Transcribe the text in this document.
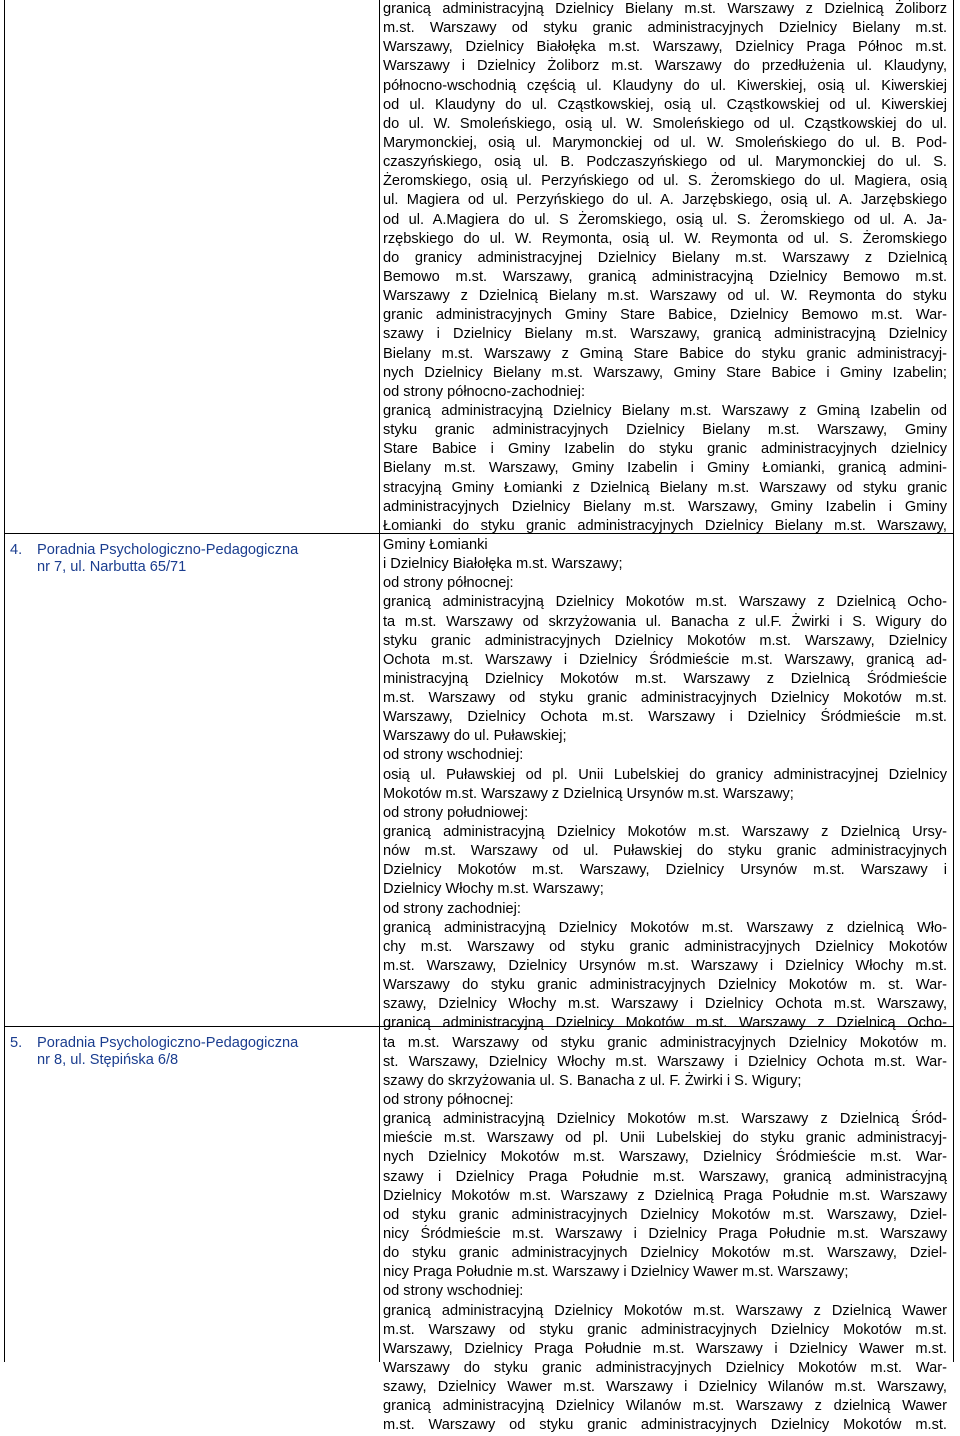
4. Poradnia Psychologiczno-Pedagogiczna
nr 7, ul. Narbutta 65/71
5. Poradnia Psychologiczno-Pedagogiczna
nr 8, ul. Stępińska 6/8
granicą administracyjną Dzielnicy Bielany m.st. Warszawy z Dzielnicą Żoliborz
m.st. Warszawy od styku granic administracyjnych Dzielnicy Bielany m.st.
Warszawy, Dzielnicy Białołęka m.st. Warszawy, Dzielnicy Praga Północ m.st.
Warszawy i Dzielnicy Żoliborz m.st. Warszawy do przedłużenia ul. Klaudyny,
północno-wschodnią częścią ul. Klaudyny do ul. Kiwerskiej, osią ul. Kiwerskiej
od ul. Klaudyny do ul. Cząstkowskiej, osią ul. Cząstkowskiej od ul. Kiwerskiej
do ul. W. Smoleńskiego, osią ul. W. Smoleńskiego od ul. Cząstkowskiej do ul.
Marymonckiej, osią ul. Marymonckiej od ul. W. Smoleńskiego do ul. B. Pod-
czaszyńskiego, osią ul. B. Podczaszyńskiego od ul. Marymonckiej do ul. S.
Żeromskiego, osią ul. Perzyńskiego od ul. S. Żeromskiego do ul. Magiera, osią
ul. Magiera od ul. Perzyńskiego do ul. A. Jarzębskiego, osią ul. A. Jarzębskiego
od ul. A.Magiera do ul. S Żeromskiego, osią ul. S. Żeromskiego od ul. A. Ja-
rzębskiego do ul. W. Reymonta, osią ul. W. Reymonta od ul. S. Żeromskiego
do granicy administracyjnej Dzielnicy Bielany m.st. Warszawy z Dzielnicą
Bemowo m.st. Warszawy, granicą administracyjną Dzielnicy Bemowo m.st.
Warszawy z Dzielnicą Bielany m.st. Warszawy od ul. W. Reymonta do styku
granic administracyjnych Gminy Stare Babice, Dzielnicy Bemowo m.st. War-
szawy i Dzielnicy Bielany m.st. Warszawy, granicą administracyjną Dzielnicy
Bielany m.st. Warszawy z Gminą Stare Babice do styku granic administracyj-
nych Dzielnicy Bielany m.st. Warszawy, Gminy Stare Babice i Gminy Izabelin;
od strony północno-zachodniej:
granicą administracyjną Dzielnicy Bielany m.st. Warszawy z Gminą Izabelin od
styku granic administracyjnych Dzielnicy Bielany m.st. Warszawy, Gminy
Stare Babice i Gminy Izabelin do styku granic administracyjnych dzielnicy
Bielany m.st. Warszawy, Gminy Izabelin i Gminy Łomianki, granicą admini-
stracyjną Gminy Łomianki z Dzielnicą Bielany m.st. Warszawy od styku granic
administracyjnych Dzielnicy Bielany m.st. Warszawy, Gminy Izabelin i Gminy
Łomianki do styku granic administracyjnych Dzielnicy Bielany m.st. Warszawy,
Gminy Łomianki
i Dzielnicy Białołęka m.st. Warszawy;
od strony północnej:
granicą administracyjną Dzielnicy Mokotów m.st. Warszawy z Dzielnicą Ocho-
ta m.st. Warszawy od skrzyżowania ul. Banacha z ul.F. Żwirki i S. Wigury do
styku granic administracyjnych Dzielnicy Mokotów m.st. Warszawy, Dzielnicy
Ochota m.st. Warszawy i Dzielnicy Śródmieście m.st. Warszawy, granicą ad-
ministracyjną Dzielnicy Mokotów m.st. Warszawy z Dzielnicą Śródmieście
m.st. Warszawy od styku granic administracyjnych Dzielnicy Mokotów m.st.
Warszawy, Dzielnicy Ochota m.st. Warszawy i Dzielnicy Śródmieście m.st.
Warszawy do ul. Puławskiej;
od strony wschodniej:
osią ul. Puławskiej od pl. Unii Lubelskiej do granicy administracyjnej Dzielnicy
Mokotów m.st. Warszawy z Dzielnicą Ursynów m.st. Warszawy;
od strony południowej:
granicą administracyjną Dzielnicy Mokotów m.st. Warszawy z Dzielnicą Ursy-
nów m.st. Warszawy od ul. Puławskiej do styku granic administracyjnych
Dzielnicy Mokotów m.st. Warszawy, Dzielnicy Ursynów m.st. Warszawy i
Dzielnicy Włochy m.st. Warszawy;
od strony zachodniej:
granicą administracyjną Dzielnicy Mokotów m.st. Warszawy z dzielnicą Wło-
chy m.st. Warszawy od styku granic administracyjnych Dzielnicy Mokotów
m.st. Warszawy, Dzielnicy Ursynów m.st. Warszawy i Dzielnicy Włochy m.st.
Warszawy do styku granic administracyjnych Dzielnicy Mokotów m. st. War-
szawy, Dzielnicy Włochy m.st. Warszawy i Dzielnicy Ochota m.st. Warszawy,
granicą administracyjną Dzielnicy Mokotów m.st. Warszawy z Dzielnicą Ocho-
ta m.st. Warszawy od styku granic administracyjnych Dzielnicy Mokotów m.
st. Warszawy, Dzielnicy Włochy m.st. Warszawy i Dzielnicy Ochota m.st. War-
szawy do skrzyżowania ul. S. Banacha z ul. F. Żwirki i S. Wigury;
od strony północnej:
granicą administracyjną Dzielnicy Mokotów m.st. Warszawy z Dzielnicą Śród-
mieście m.st. Warszawy od pl. Unii Lubelskiej do styku granic administracyj-
nych Dzielnicy Mokotów m.st. Warszawy, Dzielnicy Śródmieście m.st. War-
szawy i Dzielnicy Praga Południe m.st. Warszawy, granicą administracyjną
Dzielnicy Mokotów m.st. Warszawy z Dzielnicą Praga Południe m.st. Warszawy
od styku granic administracyjnych Dzielnicy Mokotów m.st. Warszawy, Dziel-
nicy Śródmieście m.st. Warszawy i Dzielnicy Praga Południe m.st. Warszawy
do styku granic administracyjnych Dzielnicy Mokotów m.st. Warszawy, Dziel-
nicy Praga Południe m.st. Warszawy i Dzielnicy Wawer m.st. Warszawy;
od strony wschodniej:
granicą administracyjną Dzielnicy Mokotów m.st. Warszawy z Dzielnicą Wawer
m.st. Warszawy od styku granic administracyjnych Dzielnicy Mokotów m.st.
Warszawy, Dzielnicy Praga Południe m.st. Warszawy i Dzielnicy Wawer m.st.
Warszawy do styku granic administracyjnych Dzielnicy Mokotów m.st. War-
szawy, Dzielnicy Wawer m.st. Warszawy i Dzielnicy Wilanów m.st. Warszawy,
granicą administracyjną Dzielnicy Wilanów m.st. Warszawy z dzielnicą Wawer
m.st. Warszawy od styku granic administracyjnych Dzielnicy Mokotów m.st.
